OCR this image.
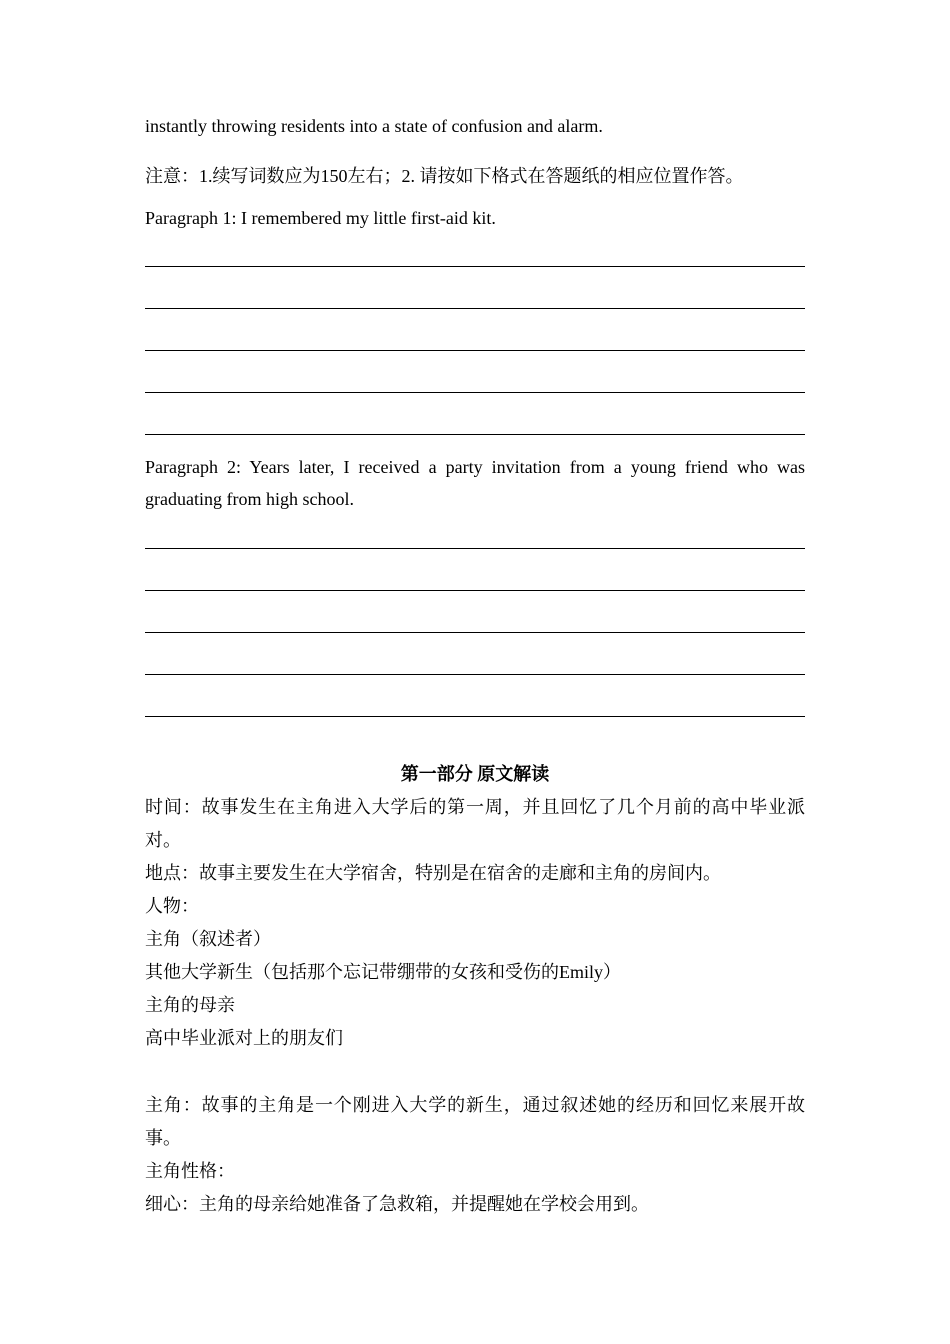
instantly throwing residents into a state of confusion and alarm.
注意：1.续写词数应为150左右；2. 请按如下格式在答题纸的相应位置作答。
Paragraph 1: I remembered my little first-aid kit.
Paragraph 2: Years later, I received a party invitation from a young friend who was graduating from high school.
第一部分 原文解读
时间：故事发生在主角进入大学后的第一周，并且回忆了几个月前的高中毕业派对。
地点：故事主要发生在大学宿舍，特别是在宿舍的走廊和主角的房间内。
人物：
主角（叙述者）
其他大学新生（包括那个忘记带绷带的女孩和受伤的Emily）
主角的母亲
高中毕业派对上的朋友们
主角：故事的主角是一个刚进入大学的新生，通过叙述她的经历和回忆来展开故事。
主角性格：
细心：主角的母亲给她准备了急救箱，并提醒她在学校会用到。
